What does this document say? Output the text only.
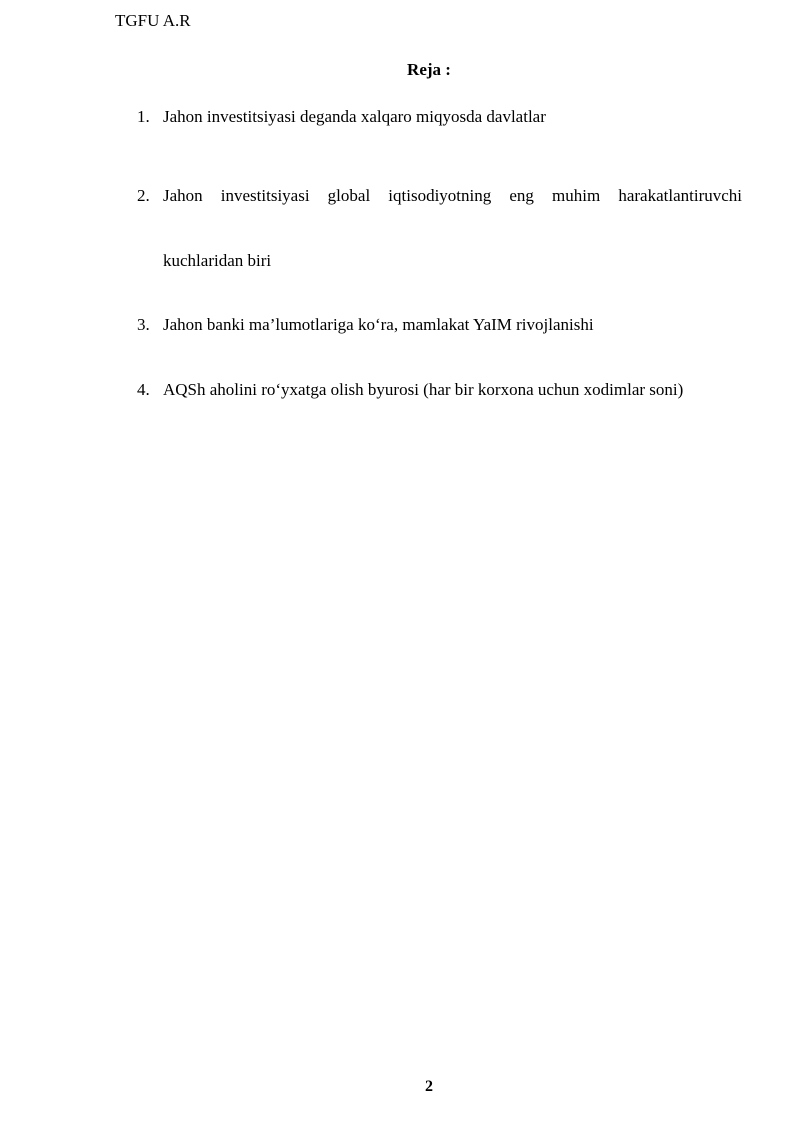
TGFU A.R
Reja :
1. Jahon investitsiyasi deganda xalqaro miqyosda davlatlar
2. Jahon investitsiyasi global iqtisodiyotning eng muhim harakatlantiruvchi kuchlaridan biri
3. Jahon banki ma’lumotlariga ko‘ra, mamlakat YaIM rivojlanishi
4. AQSh aholini ro‘yxatga olish byurosi (har bir korxona uchun xodimlar soni)
2
